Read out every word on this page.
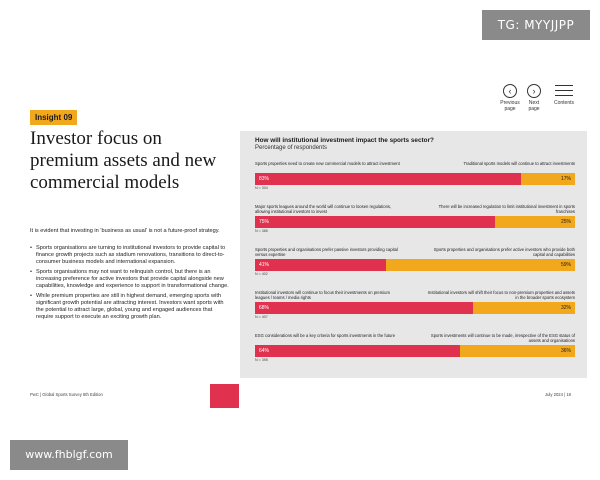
TG: MYYJJPP
‹
Previous
page
›
Next
page
Contents
Insight 09
Investor focus on premium assets and new commercial models
It is evident that investing in ‘business as usual’ is not a future-proof strategy.
• Sports organisations are turning to institutional investors to provide capital to finance growth projects such as stadium renovations, transitions to direct-to-consumer business models and international expansion.
• Sports organisations may not want to relinquish control, but there is an increasing preference for active investors that provide capital alongside new capabilities, knowledge and experience to support in transformational change.
• While premium properties are still in highest demand, emerging sports with significant growth potential are attracting interest. Investors want sports with the potential to attract large, global, young and engaged audiences that require support to execute an exciting growth plan.
How will institutional investment impact the sports sector?
Percentage of respondents
Sports properties need to create new commercial models to attract investment	Traditional sports models will continue to attract investments
83%	17%
N = 304
Major sports leagues around the world will continue to loosen regulations, allowing institutional investors to invest
There will be increased regulation to limit institutional investment in sports franchises
75%	25%
N = 385
Sports properties and organisations prefer passive investors providing capital versus expertise
Sports properties and organisations prefer active investors who provide both capital and capabilities
41%	59%
N = 402
Institutional investors will continue to focus their investments on premium leagues / teams / media rights
Institutional investors will shift their focus to non-premium properties and assets in the broader sports ecosystem
68%	32%
N = 407
ESG considerations will be a key criteria for sports investments in the future	Sports investments will continue to be made, irrespective of the ESG status of assets and organisations
64%	36%
N = 395
PwC | Global Sports Survey 8th Edition	July 2024 | 18
www.fhblgf.com
